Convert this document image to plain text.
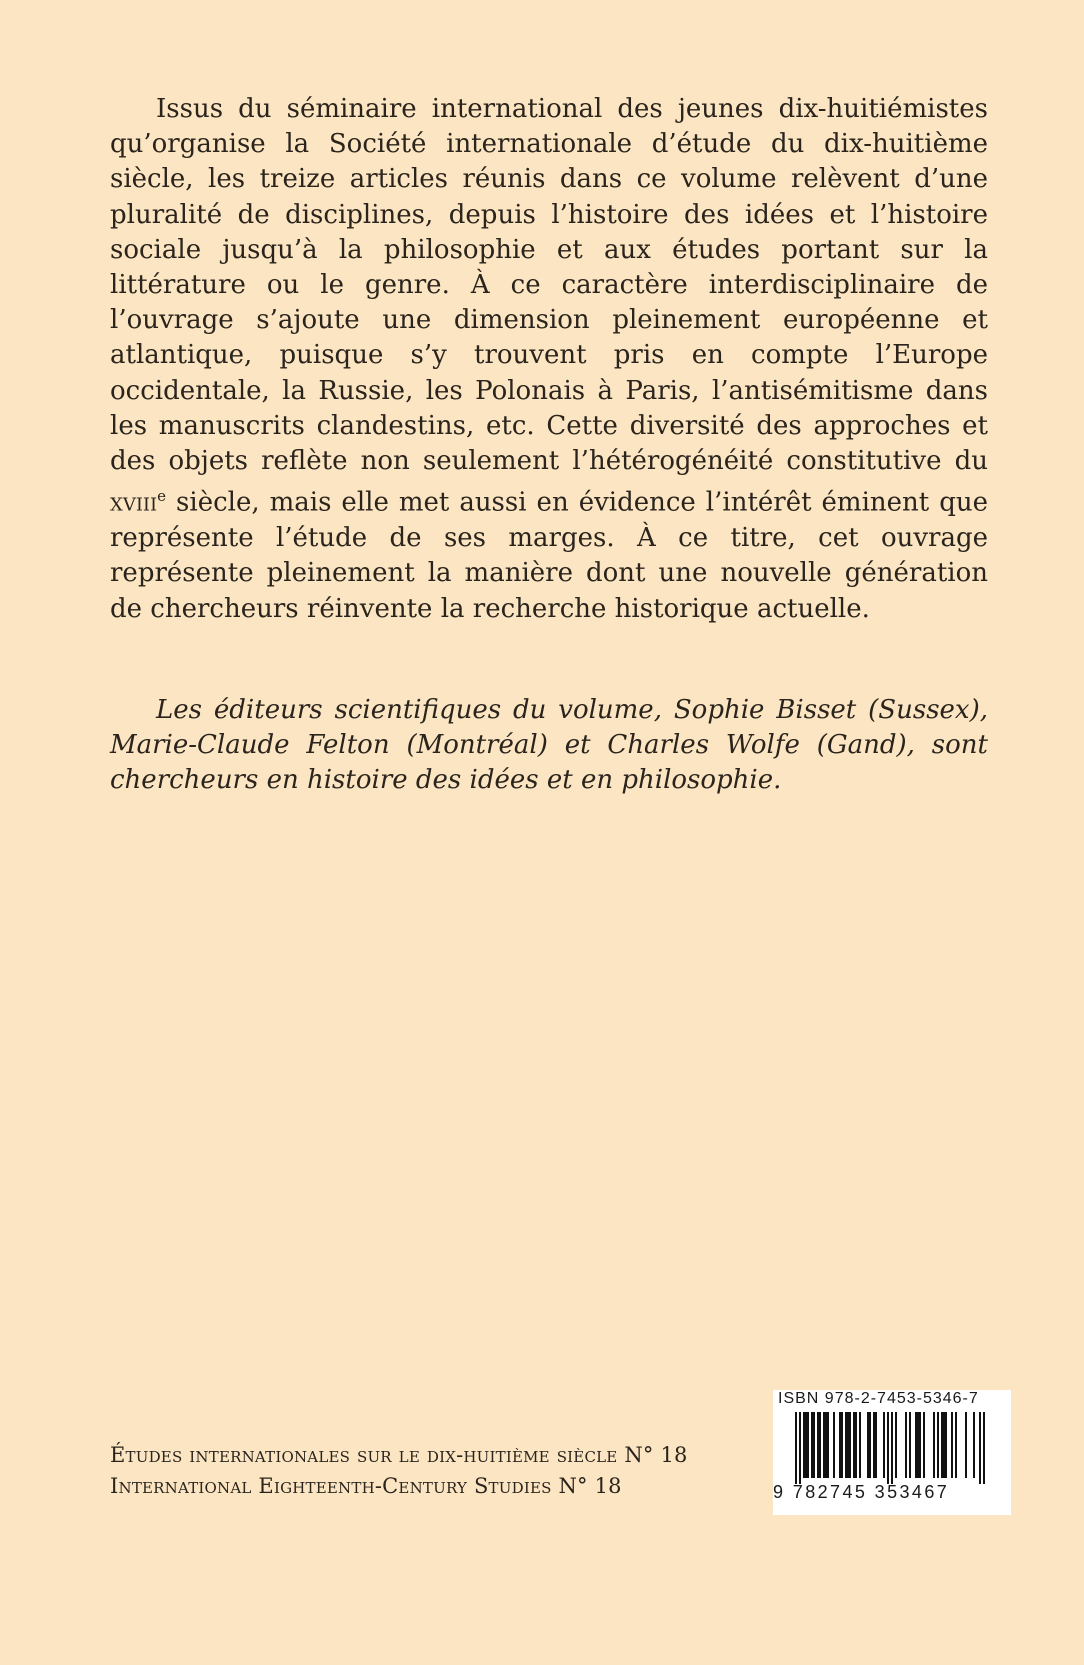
Issus du séminaire international des jeunes dix-huitiémistes qu’organise la Société internationale d’étude du dix-huitième siècle, les treize articles réunis dans ce volume relèvent d’une pluralité de disciplines, depuis l’histoire des idées et l’histoire sociale jusqu’à la philosophie et aux études portant sur la littérature ou le genre. À ce caractère interdisciplinaire de l’ouvrage s’ajoute une dimension pleinement européenne et atlantique, puisque s’y trouvent pris en compte l’Europe occidentale, la Russie, les Polonais à Paris, l’antisémitisme dans les manuscrits clandestins, etc. Cette diversité des approches et des objets reflète non seulement l’hétérogénéité constitutive du xviii$^e$ siècle, mais elle met aussi en évidence l’intérêt éminent que représente l’étude de ses marges. À ce titre, cet ouvrage représente pleinement la manière dont une nouvelle génération de chercheurs réinvente la recherche historique actuelle.

Les éditeurs scientifiques du volume, Sophie Bisset (Sussex), Marie-Claude Felton (Montréal) et Charles Wolfe (Gand), sont chercheurs en histoire des idées et en philosophie.

Études internationales sur le dix-huitième siècle N° 18
International Eighteenth-Century Studies N° 18
ISBN 978-2-7453-5346-7
9 782745 353467
